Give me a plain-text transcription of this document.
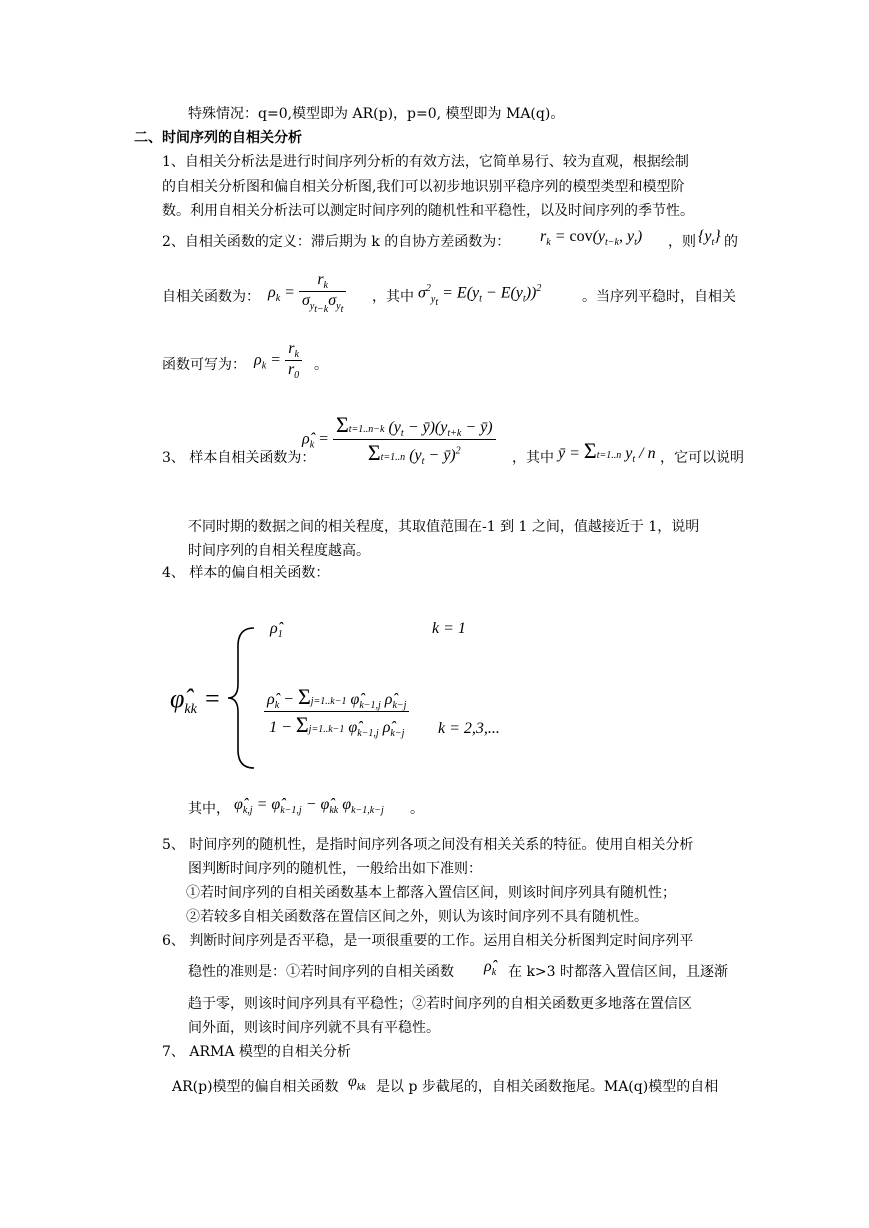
特殊情况：q=0,模型即为 AR(p)，p=0, 模型即为 MA(q)。
二、时间序列的自相关分析
1、自相关分析法是进行时间序列分析的有效方法，它简单易行、较为直观，根据绘制
的自相关分析图和偏自相关分析图,我们可以初步地识别平稳序列的模型类型和模型阶
数。利用自相关分析法可以测定时间序列的随机性和平稳性，以及时间序列的季节性。
2、自相关函数的定义：滞后期为 k 的自协方差函数为： $r_k = cov(y_{t-k}$, $y_t$) ，则 $\{y_t\}$ 的
自相关函数为： $\rho_k = \frac{r_k}{\sigma_{y_{t-k}}\sigma_{y_t}}$ ，其中 $\sigma^2_{y_t} = E(y_t - E(y_t))^2$
。当序列平稳时，自相关
函数可写为： $\rho_k = \frac{r_k}{r_0}$ 。
3、 样本自相关函数为：
$\rhô_k = \frac{\Sigma t=1..n-k (y_t - ȳ)(y_{t+k} - ȳ)}{\Sigma t=1..n (y_t - ȳ)^2}$ ，其中 ȳ = Σt=1..n $y_t$ / n ，它可以说明
不同时期的数据之间的相关程度，其取值范围在-1 到 1 之间，值越接近于 1，说明
时间序列的自相关程度越高。
4、 样本的偏自相关函数：
$\varphî_{kk}$ =
$\rhô_1$	k = 1
$\frac{\rhô_k - \Sigma j=1..k-1 \varphî_{k-1,j} \rhô_{k-j}}{1 - \Sigma j=1..k-1 \varphî_{k-1,j} \rhô_{k-j}}$ k = 2,3,...
其中， $\varphî_{k,j}$ = $\varphî_{k-1,j}$ − $\varphî_{kk}$ $\varphi_{k-1,k-j}$ 。
5、 时间序列的随机性，是指时间序列各项之间没有相关关系的特征。使用自相关分析
图判断时间序列的随机性，一般给出如下准则：
①若时间序列的自相关函数基本上都落入置信区间，则该时间序列具有随机性；
②若较多自相关函数落在置信区间之外，则认为该时间序列不具有随机性。
6、 判断时间序列是否平稳，是一项很重要的工作。运用自相关分析图判定时间序列平
稳性的准则是：①若时间序列的自相关函数 $\rhô_k$ 在 k>3 时都落入置信区间，且逐渐
趋于零，则该时间序列具有平稳性；②若时间序列的自相关函数更多地落在置信区
间外面，则该时间序列就不具有平稳性。
7、 ARMA 模型的自相关分析
AR(p)模型的偏自相关函数 $\varphi_{kk}$ 是以 p 步截尾的，自相关函数拖尾。MA(q)模型的自相
